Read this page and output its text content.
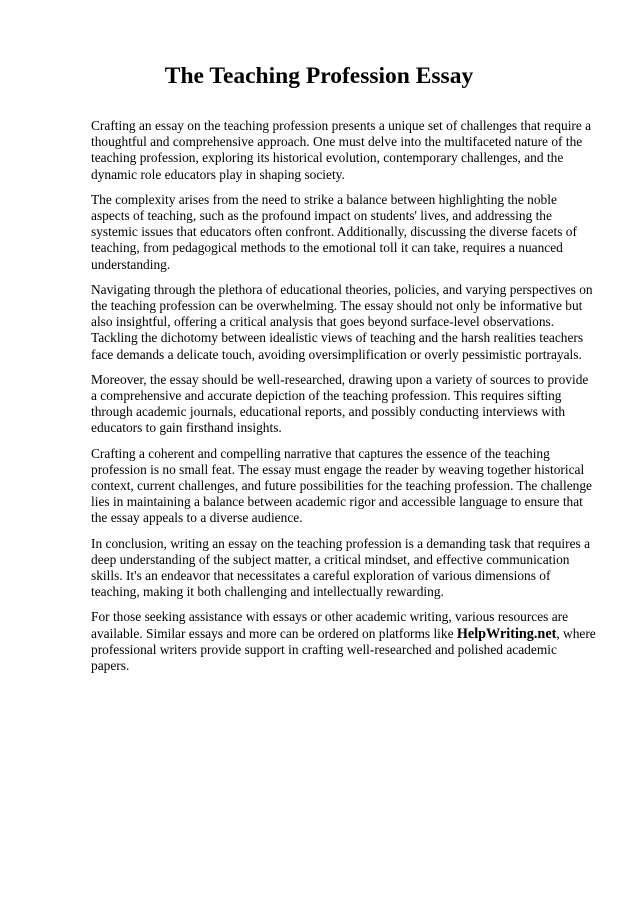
The Teaching Profession Essay

Crafting an essay on the teaching profession presents a unique set of challenges that require a thoughtful and comprehensive approach. One must delve into the multifaceted nature of the teaching profession, exploring its historical evolution, contemporary challenges, and the dynamic role educators play in shaping society.

The complexity arises from the need to strike a balance between highlighting the noble aspects of teaching, such as the profound impact on students' lives, and addressing the systemic issues that educators often confront. Additionally, discussing the diverse facets of teaching, from pedagogical methods to the emotional toll it can take, requires a nuanced understanding.

Navigating through the plethora of educational theories, policies, and varying perspectives on the teaching profession can be overwhelming. The essay should not only be informative but also insightful, offering a critical analysis that goes beyond surface-level observations. Tackling the dichotomy between idealistic views of teaching and the harsh realities teachers face demands a delicate touch, avoiding oversimplification or overly pessimistic portrayals.

Moreover, the essay should be well-researched, drawing upon a variety of sources to provide a comprehensive and accurate depiction of the teaching profession. This requires sifting through academic journals, educational reports, and possibly conducting interviews with educators to gain firsthand insights.

Crafting a coherent and compelling narrative that captures the essence of the teaching profession is no small feat. The essay must engage the reader by weaving together historical context, current challenges, and future possibilities for the teaching profession. The challenge lies in maintaining a balance between academic rigor and accessible language to ensure that the essay appeals to a diverse audience.

In conclusion, writing an essay on the teaching profession is a demanding task that requires a deep understanding of the subject matter, a critical mindset, and effective communication skills. It's an endeavor that necessitates a careful exploration of various dimensions of teaching, making it both challenging and intellectually rewarding.

For those seeking assistance with essays or other academic writing, various resources are available. Similar essays and more can be ordered on platforms like HelpWriting.net, where professional writers provide support in crafting well-researched and polished academic papers.
